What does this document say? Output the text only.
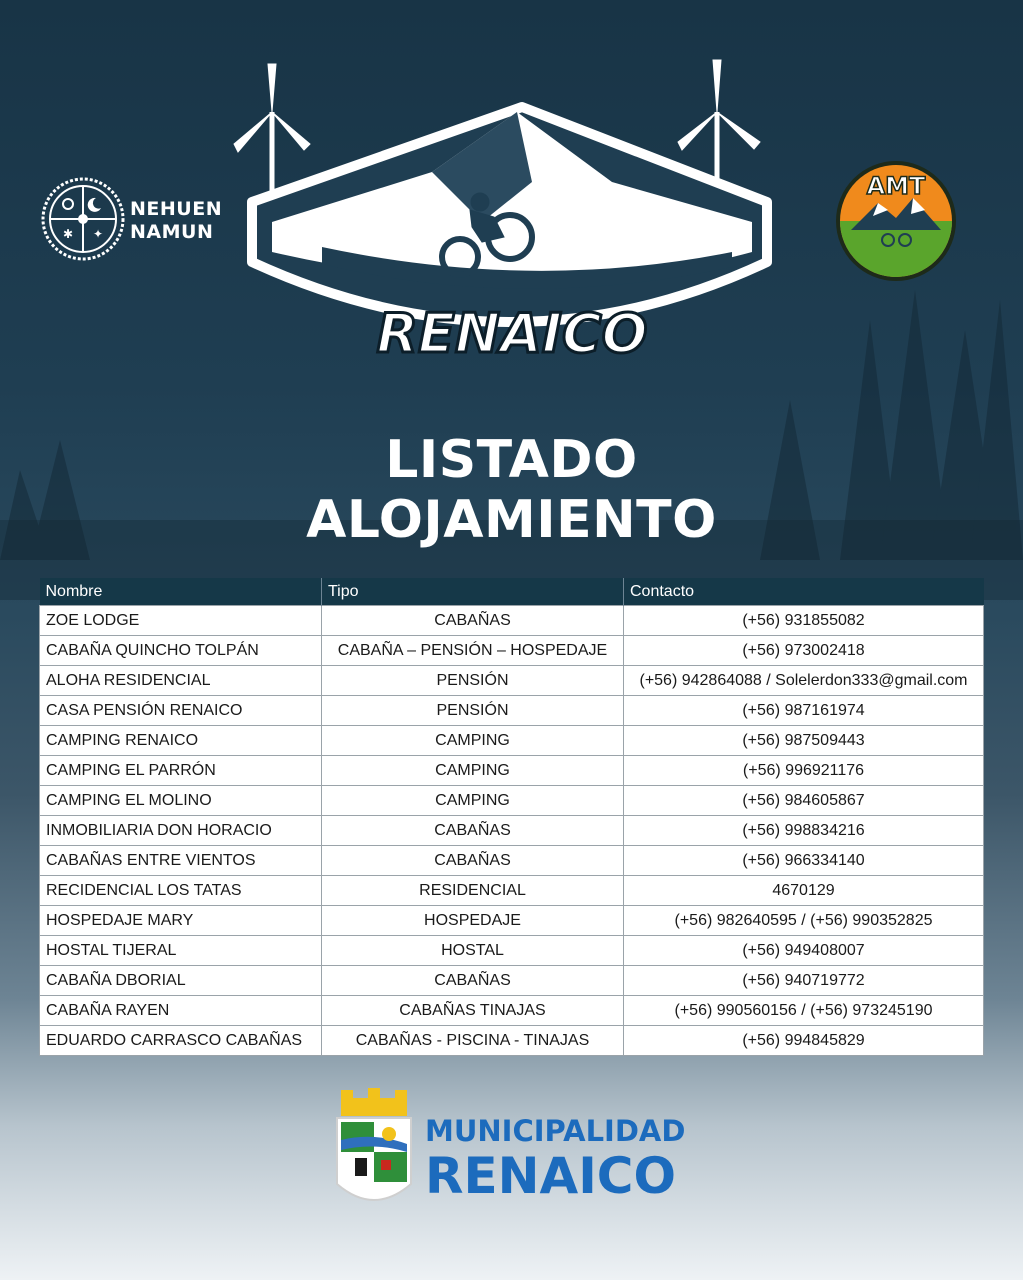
✱ ✦
NEHUEN
NAMUN
RENAICO
AMT
LISTADO
ALOJAMIENTO
Nombre	Tipo	Contacto
ZOE LODGE	CABAÑAS	(+56) 931855082
CABAÑA QUINCHO TOLPÁN	CABAÑA – PENSIÓN – HOSPEDAJE	(+56) 973002418
ALOHA RESIDENCIAL	PENSIÓN	(+56) 942864088 / Solelerdon333@gmail.com
CASA PENSIÓN RENAICO	PENSIÓN	(+56) 987161974
CAMPING RENAICO	CAMPING	(+56) 987509443
CAMPING EL PARRÓN	CAMPING	(+56) 996921176
CAMPING EL MOLINO	CAMPING	(+56) 984605867
INMOBILIARIA DON HORACIO	CABAÑAS	(+56) 998834216
CABAÑAS ENTRE VIENTOS	CABAÑAS	(+56) 966334140
RECIDENCIAL LOS TATAS	RESIDENCIAL	4670129
HOSPEDAJE MARY	HOSPEDAJE	(+56) 982640595 / (+56) 990352825
HOSTAL TIJERAL	HOSTAL	(+56) 949408007
CABAÑA DBORIAL	CABAÑAS	(+56) 940719772
CABAÑA RAYEN	CABAÑAS TINAJAS	(+56) 990560156 / (+56) 973245190
EDUARDO CARRASCO CABAÑAS	CABAÑAS - PISCINA - TINAJAS	(+56) 994845829
MUNICIPALIDAD
RENAICO
